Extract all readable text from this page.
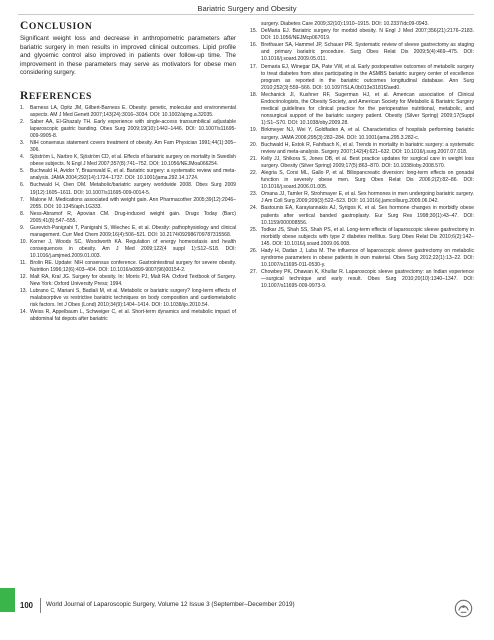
Bariatric Surgery and Obesity
CONCLUSION

Significant weight loss and decrease in anthropometric parameters after bariatric surgery in men results in improved clinical outcomes. Lipid profile and glycemic control also improved in patients over follow-up time. The improvement in these parameters may serve as motivators for obese men considering surgery.

REFERENCES
1. Barness LA, Opitz JM, Gilbert-Barness E. Obesity: genetic, molecular and environmental aspects. AM J Med Genett 2007;143(24):3016–3034. DOI: 10.1002/ajmg.a.32035.
2. Saber AA, El-Ghazaly TH. Early experience with single-access transumbilical adjustable laparoscopic gastric banding. Obes Surg 2009;19(10):1442–1446. DOI: 10.1007/s11695-009-9905-8.
3. NIH consensus statement covers treatment of obesity. Am Fam Physician 1991;44(1):305–306.
4. Sjöström L, Narbro K, Sjöström CD, et al. Effects of bariatric surgery on mortality in Swedish obese subjects. N Engl J Med 2007;357(8):741–752. DOI: 10.1056/NEJMoa066254.
5. Buchwald H, Avidor Y, Braunwald E, et al. Bariatric surgery: a systematic review and meta-analysis. JAMA 2004;292(14):1724–1737. DOI: 10.1001/jama.292.14.1724.
6. Buchwald H, Oien DM. Metabolic/bariatric surgery worldwide 2008. Obes Surg 2009 19(12):1605–1611. DOI: 10.1007/s11695-009-0014-5.
7. Malone M. Medications associated with weight gain. Ann Pharmacother 2005;39(12):2046–2055. DOI: 10.1345/aph.1G333.
8. Ness-Abramof R, Apovian CM. Drug-induced weight gain. Drugs Today (Barc) 2005;41(8):547–555.
9. Gurevich-Panigrahi T, Panigrahi S, Wiechec E, et al. Obesity: pathophysiology and clinical management. Curr Med Chem 2009;16(4):506–521. DOI: 10.2174/092986709787315568.
10. Korner J, Woods SC, Woodworth KA. Regulation of energy homeostasis and health consequences in obesity. Am J Med 2009;122(4 suppl 1):S12–S18. DOI: 10.1016/j.amjmed.2009.01.003.
11. Brolin RE. Update: NIH consensus conference. Gastrointestinal surgery for severe obesity. Nutrition 1996;12(6):403–404. DOI: 10.1016/s0899-9007(96)00154-2.
12. Malt RA, Kral JG. Surgery for obesity. In: Morris PJ, Malt RA. Oxford Textbook of Surgery. New York: Oxford University Press; 1994.
13. Lubrano C, Mariani S, Badiali M, et al. Metabolic or bariatric surgery? long-term effects of malabsorptive vs restrictive bariatric techniques on body composition and cardiometabolic risk factors. Int J Obes (Lond) 2010;34(9):1404–1414. DOI: 10.1038/ijo.2010.54.
14. Weiss R, Appelbaum L, Schweiger C, et al. Short-term dynamics and metabolic impact of abdominal fat depots after bariatric
surgery. Diabetes Care 2009;32(10):1910–1915. DOI: 10.2337/dc09-0943.
15. DeMaria EJ. Bariatric surgery for morbid obesity. N Engl J Med 2007;356(21):2176–2183. DOI: 10.1056/NEJMcp067019.
16. Brethauer SA, Hammel JP, Schauer PR. Systematic review of sleeve gastrectomy as staging and primary bariatric procedure. Surg Obes Relat Dis 2009;5(4):469–475. DOI: 10.1016/j.soard.2009.05.011.
17. Demaria EJ, Winegar DA, Pate VW, et al. Early postoperative outcomes of metabolic surgery to treat diabetes from sites participating in the ASMBS bariatric surgery center of excellence program as reported in the bariatric outcomes longitudinal database. Ann Surg 2010;252(3):559–566. DOI: 10.1097/SLA.0b013e3181f2aed0.
18. Mechanick JI, Kushner RF, Sugerman HJ, et al. American association of Clinical Endocrinologists, the Obesity Society, and American Society for Metabolic & Bariatric Surgery medical guidelines for clinical practice for the perioperative nutritional, metabolic, and nonsurgical support of the bariatric surgery patient. Obesity (Silver Spring) 2009;17(Suppl 1):S1–S70. DOI: 10.1038/oby.2009.28.
19. Birkmeyer NJ, Wei Y, Goldfaden A, et al. Characteristics of hospitals performing bariatric surgery. JAMA 2006;295(3):282–284. DOI: 10.1001/jama.295.3.282-c.
20. Buchwald H, Estok R, Fahrbach K, et al. Trends in mortality in bariatric surgery: a systematic review and meta-analysis. Surgery 2007;142(4):621–632. DOI: 10.1016/j.surg.2007.07.018.
21. Kelly JJ, Shikora S, Jones DB, et al. Best practice updates for surgical care in weight loss surgery. Obesity (Silver Spring) 2009;17(5):863–870. DOI: 10.1038/oby.2008.570.
22. Alegria S, Corsi ML, Gallo P, et al. Biliopancreatic diversion: long-term effects on gonadal function in severely obese men. Surg Obes Relat Dis 2006;2(2):82–86. DOI: 10.1016/j.soard.2006.01.005.
23. Omana JJ, Tamler R, Strohmayer E, et al. Sex hormones in men undergoing bariatric surgery. J Am Coll Surg 2009;209(3):522–523. DOI: 10.1016/j.jamcollsurg.2009.06.042.
24. Bastounis EA, Karayiannakis AJ, Syrigos K, et al. Sex hormone changes in morbidly obese patients after vertical banded gastroplasty. Eur Surg Res 1998;30(1):43–47. DOI: 10.1159/000008556.
25. Todkar JS, Shah SS, Shah PS, et al. Long-term effects of laparoscopic sleeve gastrectomy in morbidly obese subjects with type 2 diabetes mellitus. Surg Obes Relat Dis 2010;6(2):142–145. DOI: 10.1016/j.soard.2009.06.008.
26. Hady H, Dadan J, Luba M. The influence of laparoscopic sleeve gastrectomy on metabolic syndrome parameters in obese patients in own material. Obes Surg 2012;22(1):13–22. DOI: 10.1007/s11695-011-0530-y.
27. Chowbey PK, Dhawan K, Khullar R. Laparoscopic sleeve gastrectomy: an Indian experience—surgical technique and early result. Obes Surg 2010;20(10):1340–1347. DOI: 10.1007/s11695-009-9973-9.
100 World Journal of Laparoscopic Surgery, Volume 12 Issue 3 (September–December 2019)
